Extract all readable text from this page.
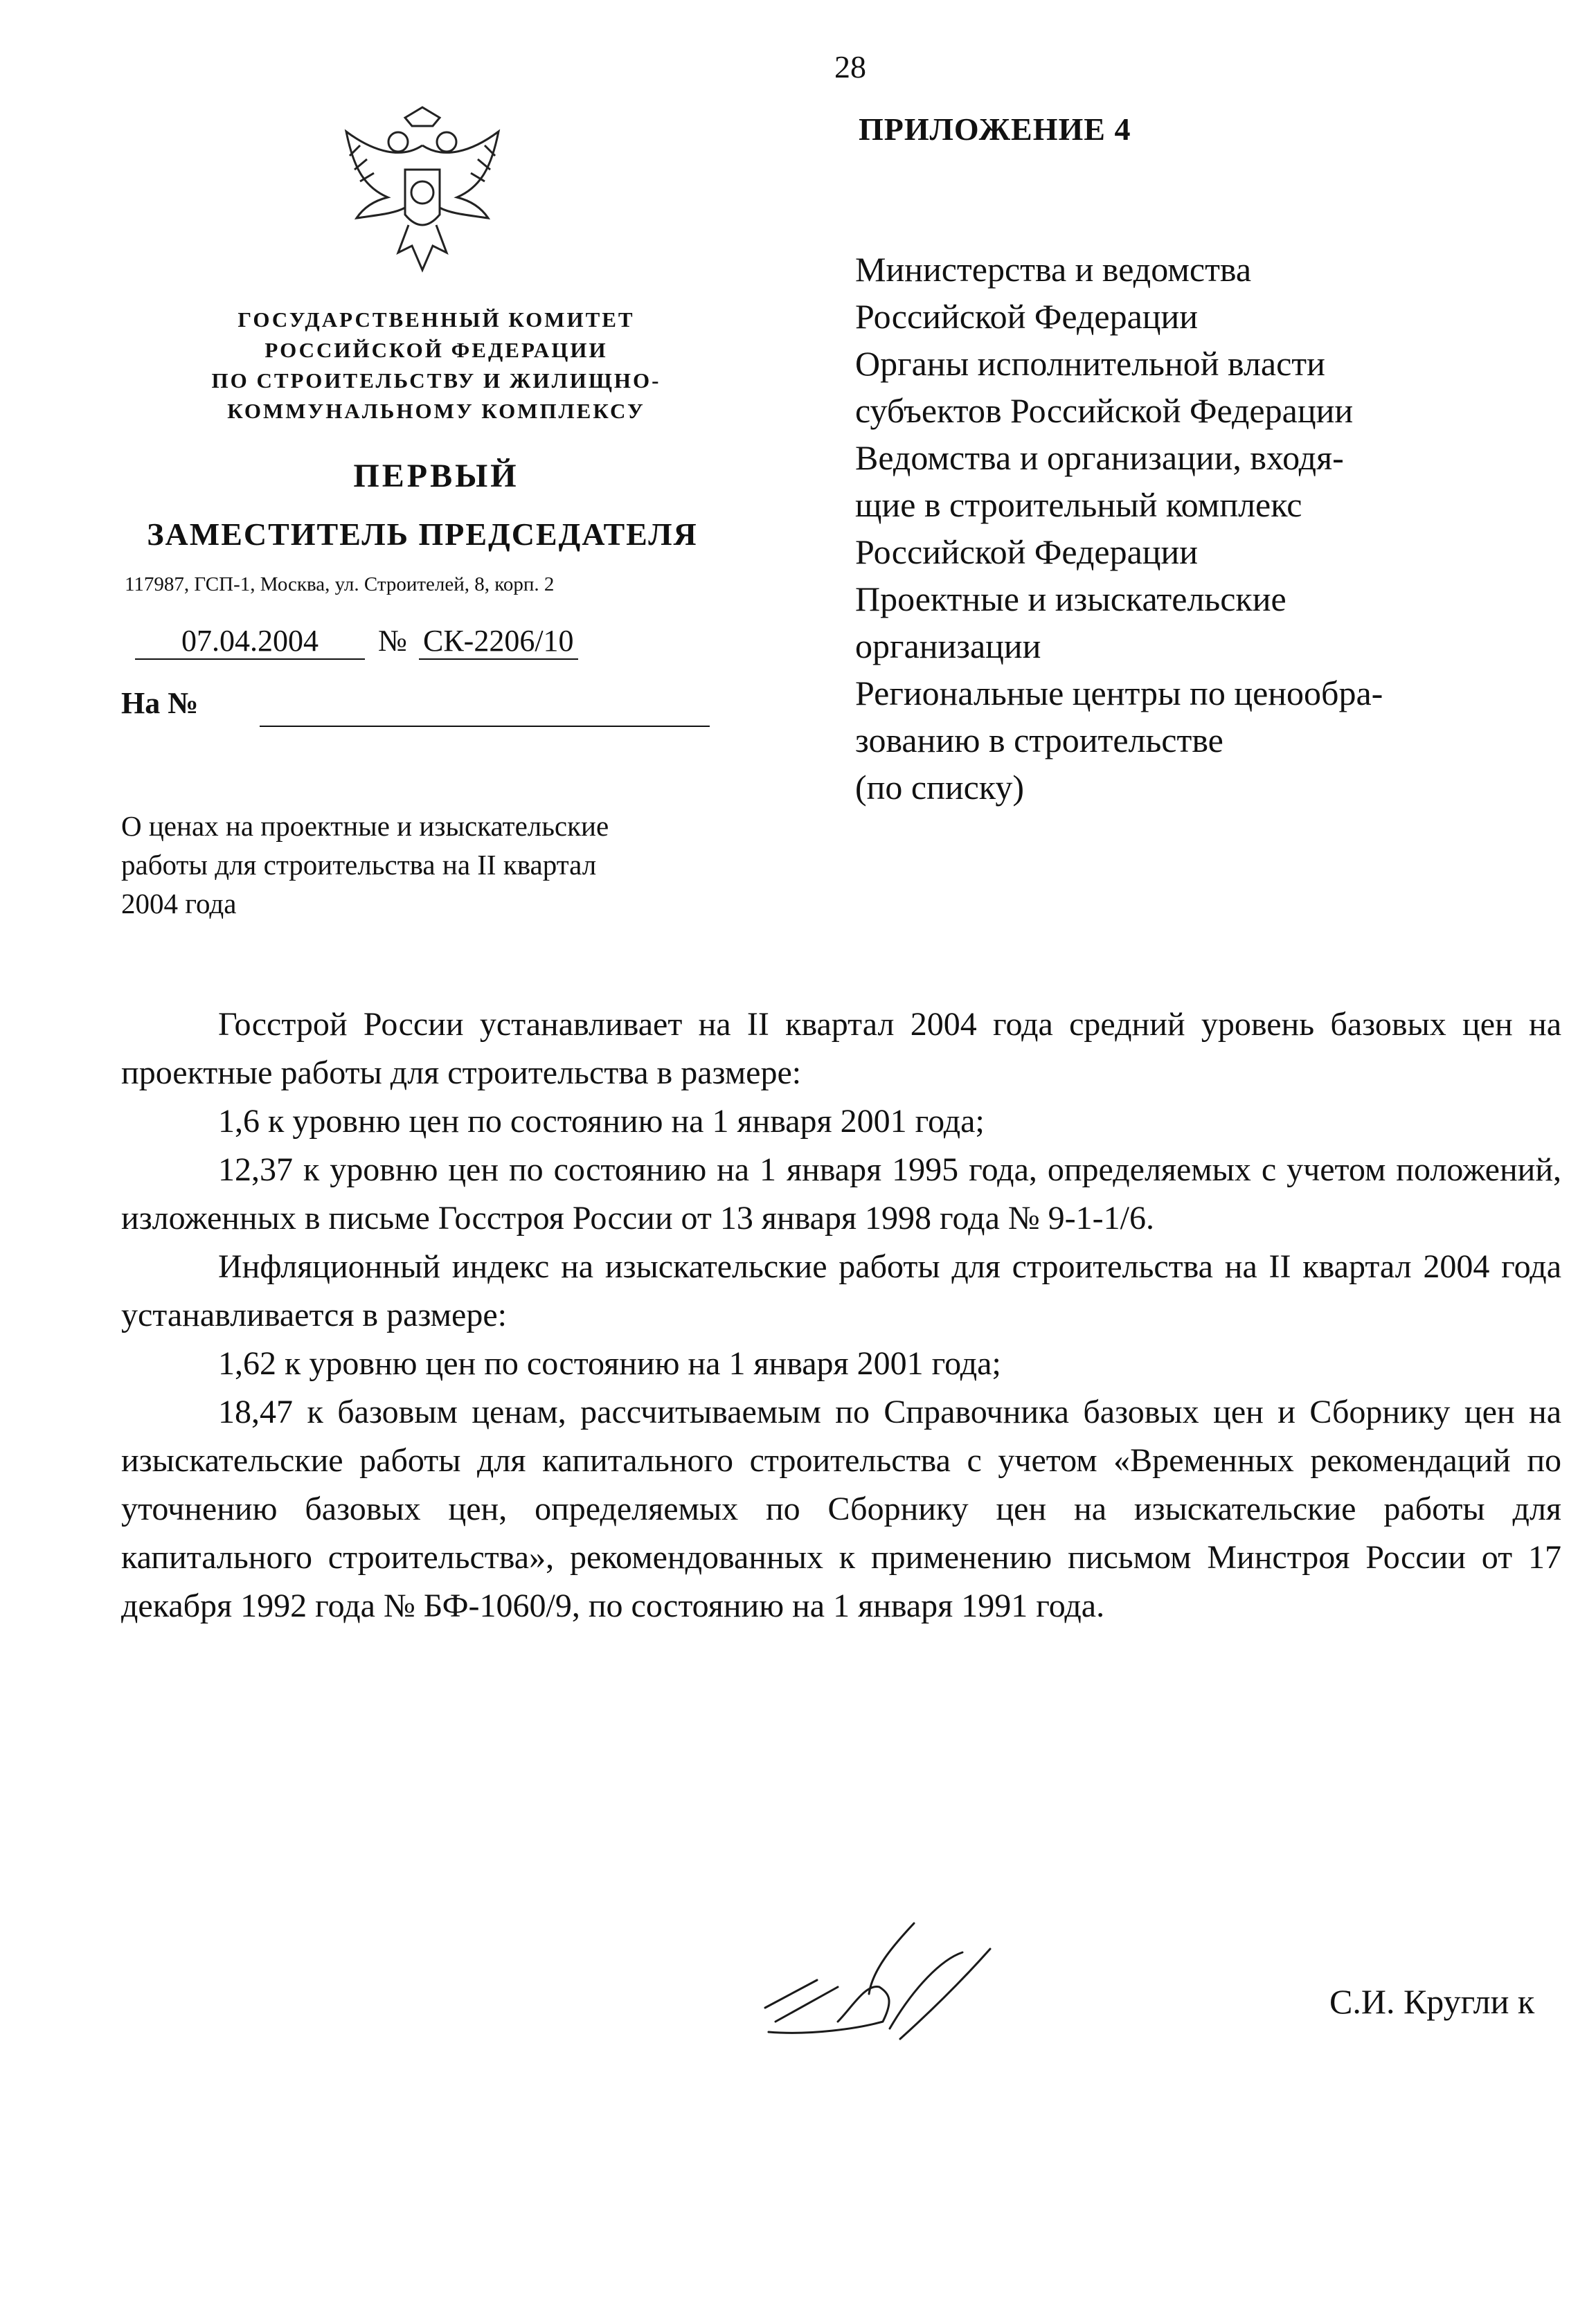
28
ПРИЛОЖЕНИЕ 4
ГОСУДАРСТВЕННЫЙ КОМИТЕТ
РОССИЙСКОЙ ФЕДЕРАЦИИ
ПО СТРОИТЕЛЬСТВУ И ЖИЛИЩНО-
КОММУНАЛЬНОМУ КОМПЛЕКСУ
ПЕРВЫЙ
ЗАМЕСТИТЕЛЬ ПРЕДСЕДАТЕЛЯ
117987, ГСП-1, Москва, ул. Строителей, 8, корп. 2
07.04.2004 № СК-2206/10
На №
О ценах на проектные и изыскательские
работы для строительства на II квартал
2004 года
Министерства и ведомства
Российской Федерации
Органы исполнительной власти
субъектов Российской Федерации
Ведомства и организации, входя-
щие в строительный комплекс
Российской Федерации
Проектные и изыскательские
организации
Региональные центры по ценообра-
зованию в строительстве
(по списку)

Госстрой России устанавливает на II квартал 2004 года средний уровень базовых цен на проектные работы для строительства в размере:

1,6 к уровню цен по состоянию на 1 января 2001 года;

12,37 к уровню цен по состоянию на 1 января 1995 года, определяемых с учетом положений, изложенных в письме Госстроя России от 13 января 1998 года № 9-1-1/6.

Инфляционный индекс на изыскательские работы для строительства на II квартал 2004 года устанавливается в размере:

1,62 к уровню цен по состоянию на 1 января 2001 года;

18,47 к базовым ценам, рассчитываемым по Справочника базовых цен и Сборнику цен на изыскательские работы для капитального строительства с учетом «Временных рекомендаций по уточнению базовых цен, определяемых по Сборнику цен на изыскательские работы для капитального строительства», рекомендованных к применению письмом Минстроя России от 17 декабря 1992 года № БФ-1060/9, по состоянию на 1 января 1991 года.

С.И. Кругли к
